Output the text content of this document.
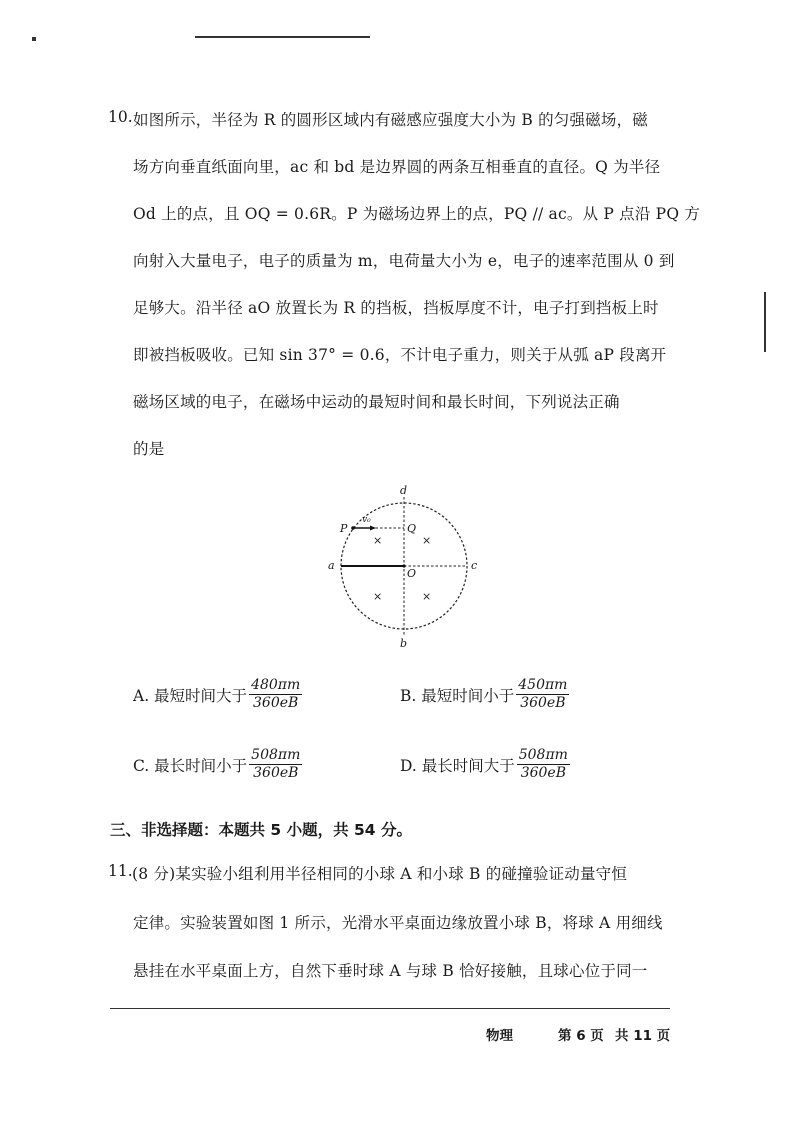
10. 如图所示，半径为 R 的圆形区域内有磁感应强度大小为 B 的匀强磁场，磁
场方向垂直纸面向里，ac 和 bd 是边界圆的两条互相垂直的直径。Q 为半径
Od 上的点，且 OQ = 0.6R。P 为磁场边界上的点，PQ // ac。从 P 点沿 PQ 方
向射入大量电子，电子的质量为 m，电荷量大小为 e，电子的速率范围从 0 到
足够大。沿半径 aO 放置长为 R 的挡板，挡板厚度不计，电子打到挡板上时
即被挡板吸收。已知 sin 37° = 0.6，不计电子重力，则关于从弧 aP 段离开
磁场区域的电子，在磁场中运动的最短时间和最长时间，下列说法正确
的是
d
b
a	c
O
Q
P
v₀
×	×
×	×
A. 最短时间大于 $\frac{480\pi m}{360eB}$	B. 最短时间小于 $\frac{450\pi m}{360eB}$
C. 最长时间小于 $\frac{508\pi m}{360eB}$	D. 最长时间大于 $\frac{508\pi m}{360eB}$
三、非选择题：本题共 5 小题，共 54 分。
11. (8 分)某实验小组利用半径相同的小球 A 和小球 B 的碰撞验证动量守恒
定律。实验装置如图 1 所示，光滑水平桌面边缘放置小球 B，将球 A 用细线
悬挂在水平桌面上方，自然下垂时球 A 与球 B 恰好接触，且球心位于同一
物理	第 6 页 共 11 页
